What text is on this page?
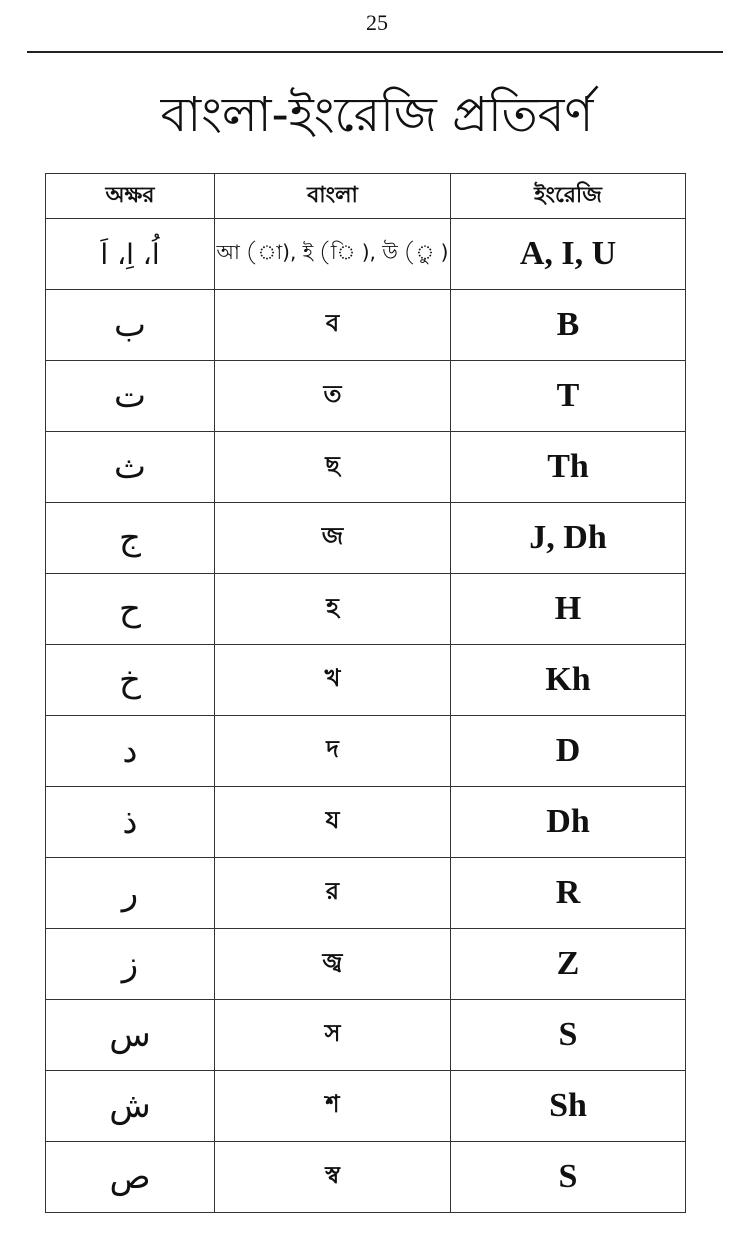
25
বাংলা-ইংরেজি প্রতিবর্ণ
অক্ষর	বাংলা	ইংরেজি
اُ، اِ، اَ	আ (া), ই (ি ), উ (ু )	A, I, U
ب	ব	B
ت	ত	T
ث	ছ	Th
ج	জ	J, Dh
ح	হ	H
خ	খ	Kh
د	দ	D
ذ	য	Dh
ر	র	R
ز	জ্ব	Z
س	স	S
ش	শ	Sh
ص	স্ব	S
